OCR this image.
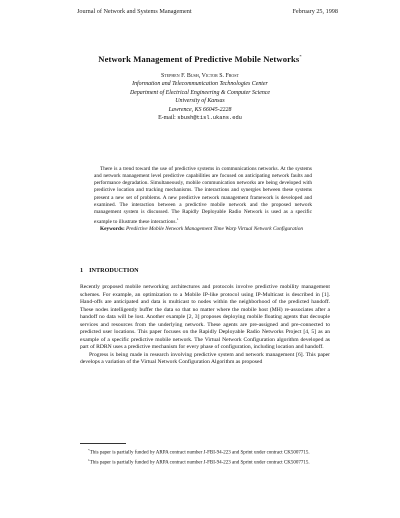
Journal of Network and Systems Management	February 25, 1998
Network Management of Predictive Mobile Networks*
Stephen F. Bush, Victor S. Frost
Information and Telecommunication Technologies Center
Department of Electrical Engineering & Computer Science
University of Kansas
Lawrence, KS 66045-2228
E-mail: sbush@tisl.ukans.edu

There is a trend toward the use of predictive systems in communications networks. At the systems and network management level predictive capabilities are focused on anticipating network faults and performance degradation. Simultaneously, mobile communication networks are being developed with predictive location and tracking mechanisms. The interactions and synergies between these systems present a new set of problems. A new predictive network management framework is developed and examined. The interaction between a predictive mobile network and the proposed network management system is discussed. The Rapidly Deployable Radio Network is used as a specific example to illustrate these interactions.$^1$

Keywords: Predictive Mobile Network Management Time Warp Virtual Network Configuration

1 INTRODUCTION

Recently proposed mobile networking architectures and protocols involve predictive mobility management schemes. For example, an optimization to a Mobile IP-like protocol using IP-Multicast is described in [1]. Hand-offs are anticipated and data is multicast to nodes within the neighborhood of the predicted handoff. These nodes intelligently buffer the data so that no matter where the mobile host (MH) re-associates after a handoff no data will be lost. Another example [2, 3] proposes deploying mobile floating agents that decouple services and resources from the underlying network. These agents are pre-assigned and pre-connected to predicted user locations. This paper focuses on the Rapidly Deployable Radio Networks Project [4, 5] as an example of a specific predictive mobile network. The Virtual Network Configuration algorithm developed as part of RDRN uses a predictive mechanism for every phase of configuration, including location and handoff.

Progress is being made in research involving predictive system and network management [6]. This paper develops a variation of the Virtual Network Configuration Algorithm as proposed

*This paper is partially funded by ARPA contract number J-FBI-94-223 and Sprint under contract CK5007715.

$^1$This paper is partially funded by ARPA contract number J-FBI-94-223 and Sprint under contract CK5007715.
